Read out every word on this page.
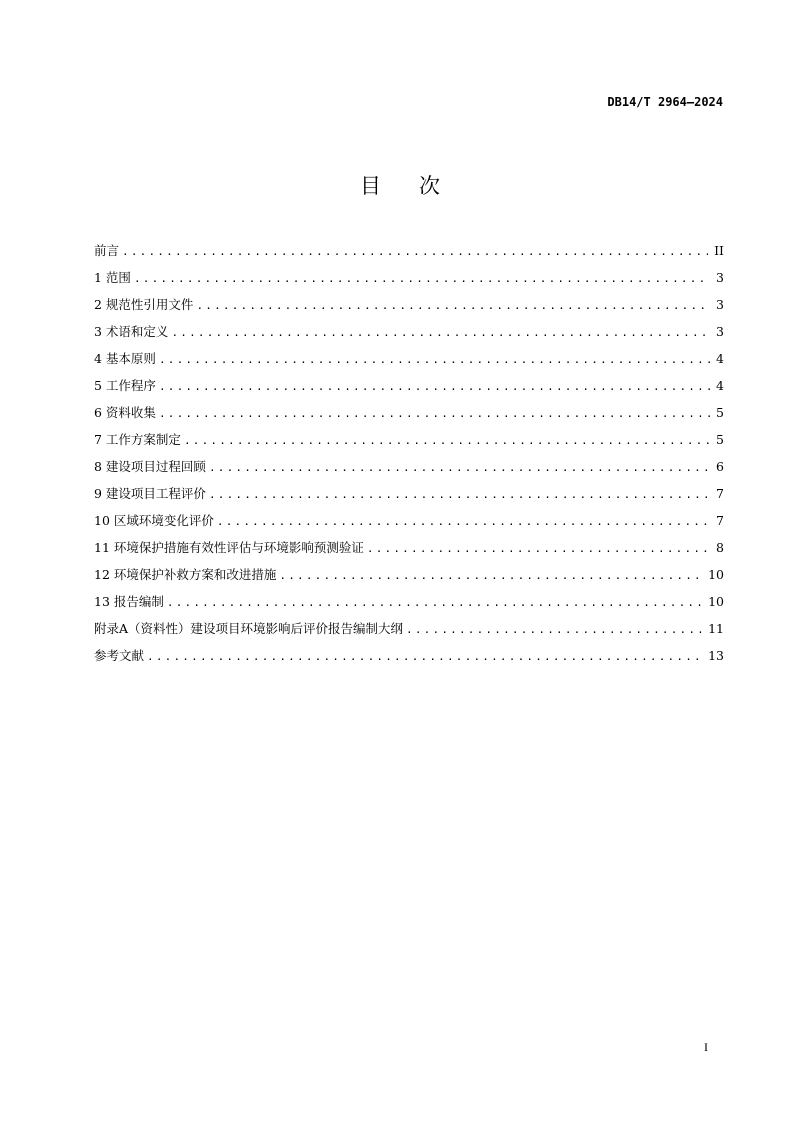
DB14/T 2964—2024
目次
前言 .....	II
1 范围 .....	3
2 规范性引用文件 .....	3
3 术语和定义 .....	3
4 基本原则 .....	4
5 工作程序 .....	4
6 资料收集 .....	5
7 工作方案制定 .....	5
8 建设项目过程回顾 .....	6
9 建设项目工程评价 .....	7
10 区域环境变化评价 .....	7
11 环境保护措施有效性评估与环境影响预测验证 .....	8
12 环境保护补救方案和改进措施 .....	10
13 报告编制 .....	10
附录A（资料性）建设项目环境影响后评价报告编制大纲 .....	11
参考文献 .....	13
I
